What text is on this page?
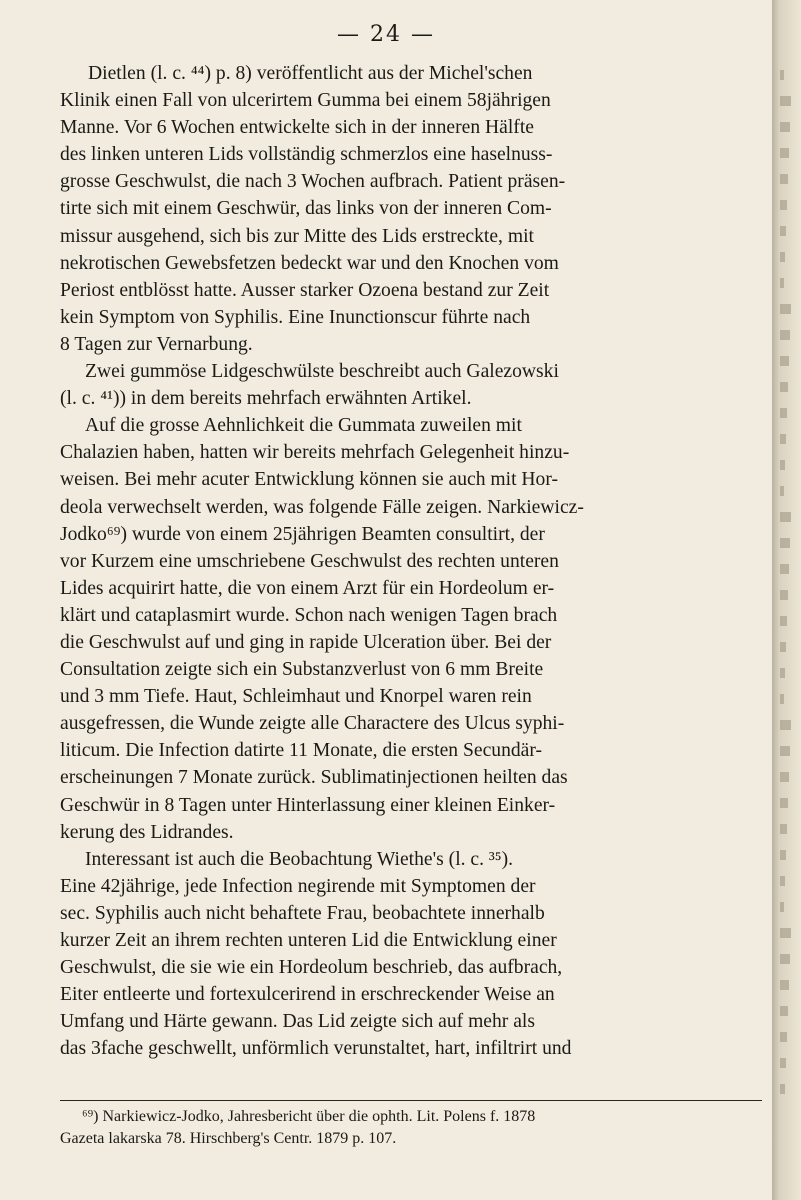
— 24 —
Dietlen (l. c. ⁴⁴) p. 8) veröffentlicht aus der Michel'schen
Klinik einen Fall von ulcerirtem Gumma bei einem 58jährigen
Manne. Vor 6 Wochen entwickelte sich in der inneren Hälfte
des linken unteren Lids vollständig schmerzlos eine haselnuss-
grosse Geschwulst, die nach 3 Wochen aufbrach. Patient präsen-
tirte sich mit einem Geschwür, das links von der inneren Com-
missur ausgehend, sich bis zur Mitte des Lids erstreckte, mit
nekrotischen Gewebsfetzen bedeckt war und den Knochen vom
Periost entblösst hatte. Ausser starker Ozoena bestand zur Zeit
kein Symptom von Syphilis. Eine Inunctionscur führte nach
8 Tagen zur Vernarbung.
Zwei gummöse Lidgeschwülste beschreibt auch Galezowski
(l. c. ⁴¹)) in dem bereits mehrfach erwähnten Artikel.
Auf die grosse Aehnlichkeit die Gummata zuweilen mit
Chalazien haben, hatten wir bereits mehrfach Gelegenheit hinzu-
weisen. Bei mehr acuter Entwicklung können sie auch mit Hor-
deola verwechselt werden, was folgende Fälle zeigen. Narkiewicz-
Jodko⁶⁹) wurde von einem 25jährigen Beamten consultirt, der
vor Kurzem eine umschriebene Geschwulst des rechten unteren
Lides acquirirt hatte, die von einem Arzt für ein Hordeolum er-
klärt und cataplasmirt wurde. Schon nach wenigen Tagen brach
die Geschwulst auf und ging in rapide Ulceration über. Bei der
Consultation zeigte sich ein Substanzverlust von 6 mm Breite
und 3 mm Tiefe. Haut, Schleimhaut und Knorpel waren rein
ausgefressen, die Wunde zeigte alle Charactere des Ulcus syphi-
liticum. Die Infection datirte 11 Monate, die ersten Secundär-
erscheinungen 7 Monate zurück. Sublimatinjectionen heilten das
Geschwür in 8 Tagen unter Hinterlassung einer kleinen Einker-
kerung des Lidrandes.
Interessant ist auch die Beobachtung Wiethe's (l. c. ³⁵).
Eine 42jährige, jede Infection negirende mit Symptomen der
sec. Syphilis auch nicht behaftete Frau, beobachtete innerhalb
kurzer Zeit an ihrem rechten unteren Lid die Entwicklung einer
Geschwulst, die sie wie ein Hordeolum beschrieb, das aufbrach,
Eiter entleerte und fortexulcerirend in erschreckender Weise an
Umfang und Härte gewann. Das Lid zeigte sich auf mehr als
das 3fache geschwellt, unförmlich verunstaltet, hart, infiltrirt und
⁶⁹) Narkiewicz-Jodko, Jahresbericht über die ophth. Lit. Polens f. 1878
Gazeta lakarska 78. Hirschberg's Centr. 1879 p. 107.
